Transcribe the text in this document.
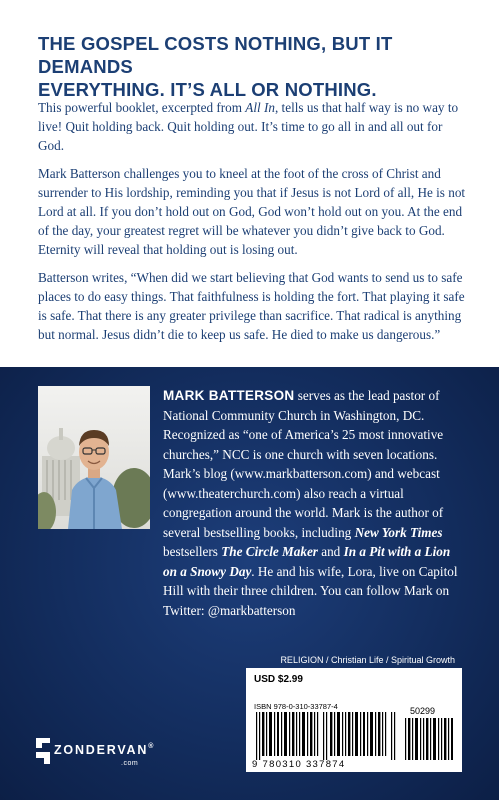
THE GOSPEL COSTS NOTHING, BUT IT DEMANDS
EVERYTHING. IT’S ALL OR NOTHING.
This powerful booklet, excerpted from All In, tells us that half way is no way to live! Quit holding back. Quit holding out. It’s time to go all in and all out for God.
Mark Batterson challenges you to kneel at the foot of the cross of Christ and surrender to His lordship, reminding you that if Jesus is not Lord of all, He is not Lord at all. If you don’t hold out on God, God won’t hold out on you. At the end of the day, your greatest regret will be whatever you didn’t give back to God. Eternity will reveal that holding out is losing out.
Batterson writes, “When did we start believing that God wants to send us to safe places to do easy things. That faithfulness is holding the fort. That playing it safe is safe. That there is any greater privilege than sacrifice. That radical is anything but normal. Jesus didn’t die to keep us safe. He died to make us dangerous.”
MARK BATTERSON serves as the lead pastor of National Community Church in Washington, DC. Recognized as “one of America’s 25 most innovative churches,” NCC is one church with seven locations. Mark’s blog (www.markbatterson.com) and webcast (www.theaterchurch.com) also reach a virtual congregation around the world. Mark is the author of several bestselling books, including New York Times bestsellers The Circle Maker and In a Pit with a Lion on a Snowy Day. He and his wife, Lora, live on Capitol Hill with their three children. You can follow Mark on Twitter: @markbatterson
RELIGION / Christian Life / Spiritual Growth
USD $2.99
ISBN 978-0-310-33787-4	50299
9 780310 337874
ZONDERVAN®
.com
